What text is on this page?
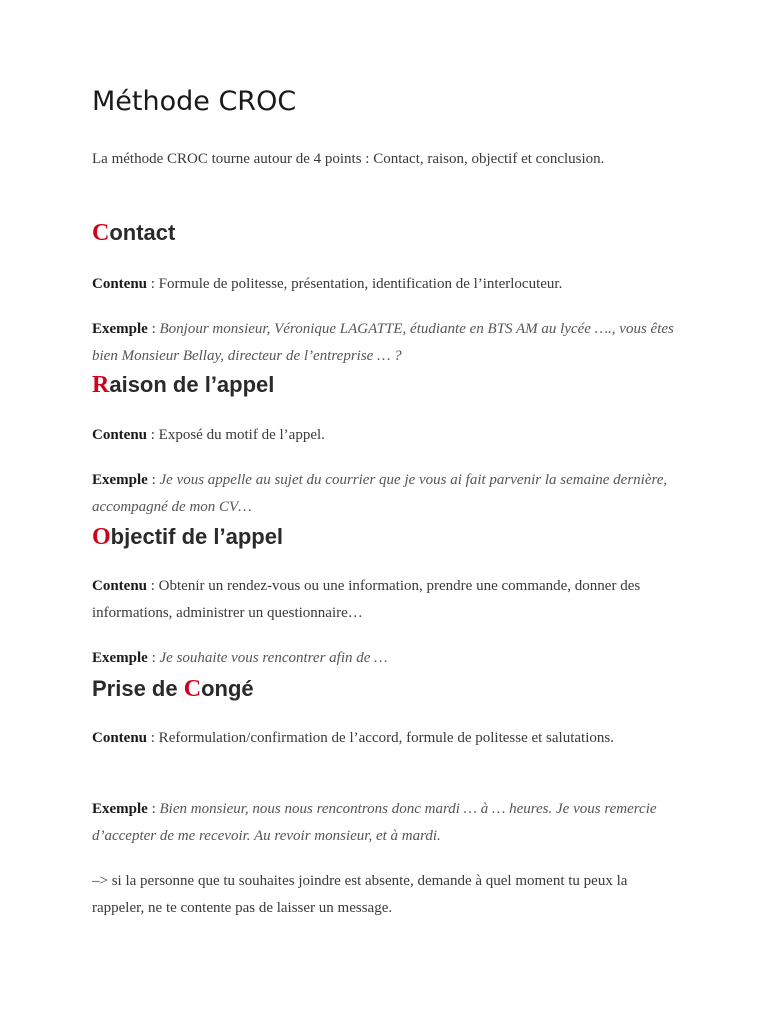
Méthode CROC

La méthode CROC tourne autour de 4 points : Contact, raison, objectif et conclusion.

Contact

Contenu : Formule de politesse, présentation, identification de l’interlocuteur.

Exemple : Bonjour monsieur, Véronique LAGATTE, étudiante en BTS AM au lycée …., vous êtes bien Monsieur Bellay, directeur de l’entreprise … ?

Raison de l’appel

Contenu : Exposé du motif de l’appel.

Exemple : Je vous appelle au sujet du courrier que je vous ai fait parvenir la semaine dernière, accompagné de mon CV…

Objectif de l’appel

Contenu : Obtenir un rendez-vous ou une information, prendre une commande, donner des informations, administrer un questionnaire…

Exemple : Je souhaite vous rencontrer afin de …

Prise de Congé

Contenu : Reformulation/confirmation de l’accord, formule de politesse et salutations.

Exemple : Bien monsieur, nous nous rencontrons donc mardi … à … heures. Je vous remercie d’accepter de me recevoir. Au revoir monsieur, et à mardi.

–> si la personne que tu souhaites joindre est absente, demande à quel moment tu peux la rappeler, ne te contente pas de laisser un message.
